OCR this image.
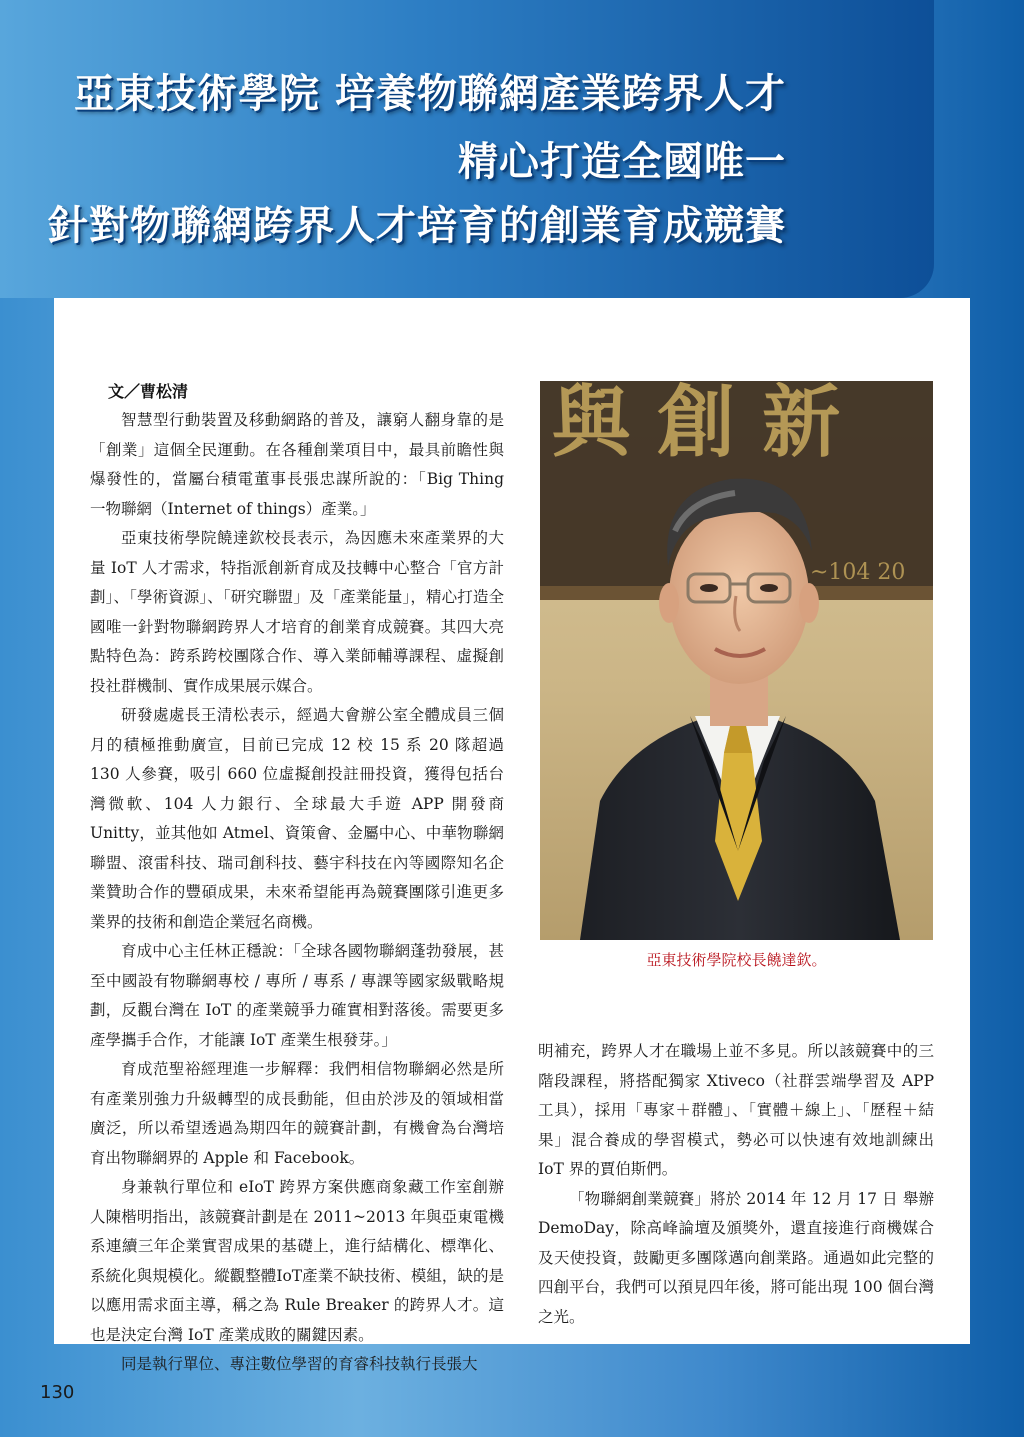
亞東技術學院 培養物聯網產業跨界人才
精心打造全國唯一
針對物聯網跨界人才培育的創業育成競賽

文／曹松清

智慧型行動裝置及移動網路的普及，讓窮人翻身靠的是「創業」這個全民運動。在各種創業項目中，最具前瞻性與爆發性的，當屬台積電董事長張忠謀所說的：「Big Thing 一物聯網（Internet of things）產業。」

亞東技術學院饒達欽校長表示，為因應未來產業界的大量 IoT 人才需求，特指派創新育成及技轉中心整合「官方計劃」、「學術資源」、「研究聯盟」及「產業能量」，精心打造全國唯一針對物聯網跨界人才培育的創業育成競賽。其四大亮點特色為：跨系跨校團隊合作、導入業師輔導課程、虛擬創投社群機制、實作成果展示媒合。

研發處處長王清松表示，經過大會辦公室全體成員三個月的積極推動廣宣，目前已完成 12 校 15 系 20 隊超過 130 人參賽，吸引 660 位虛擬創投註冊投資，獲得包括台灣微軟、104 人力銀行、全球最大手遊 APP 開發商 Unitty，並其他如 Atmel、資策會、金屬中心、中華物聯網聯盟、滾雷科技、瑞司創科技、藝宇科技在內等國際知名企業贊助合作的豐碩成果，未來希望能再為競賽團隊引進更多業界的技術和創造企業冠名商機。

育成中心主任林正穩說：「全球各國物聯網蓬勃發展，甚至中國設有物聯網專校 / 專所 / 專系 / 專課等國家級戰略規劃，反觀台灣在 IoT 的產業競爭力確實相對落後。需要更多產學攜手合作，才能讓 IoT 產業生根發芽。」

育成范聖裕經理進一步解釋：我們相信物聯網必然是所有產業別強力升級轉型的成長動能，但由於涉及的領域相當廣泛，所以希望透過為期四年的競賽計劃，有機會為台灣培育出物聯網界的 Apple 和 Facebook。

身兼執行單位和 eIoT 跨界方案供應商象藏工作室創辦人陳楷明指出，該競賽計劃是在 2011~2013 年與亞東電機系連續三年企業實習成果的基礎上，進行結構化、標準化、系統化與規模化。縱觀整體IoT產業不缺技術、模組，缺的是以應用需求面主導，稱之為 Rule Breaker 的跨界人才。這也是決定台灣 IoT 產業成敗的關鍵因素。

同是執行單位、專注數位學習的育睿科技執行長張大

與 創 新
~104 20

亞東技術學院校長饒達欽。

明補充，跨界人才在職場上並不多見。所以該競賽中的三階段課程，將搭配獨家 Xtiveco（社群雲端學習及 APP 工具），採用「專家＋群體」、「實體＋線上」、「歷程＋結果」混合養成的學習模式，勢必可以快速有效地訓練出 IoT 界的賈伯斯們。

「物聯網創業競賽」將於 2014 年 12 月 17 日 舉辦 DemoDay，除高峰論壇及頒獎外，還直接進行商機媒合及天使投資，鼓勵更多團隊邁向創業路。通過如此完整的四創平台，我們可以預見四年後，將可能出現 100 個台灣之光。

130
